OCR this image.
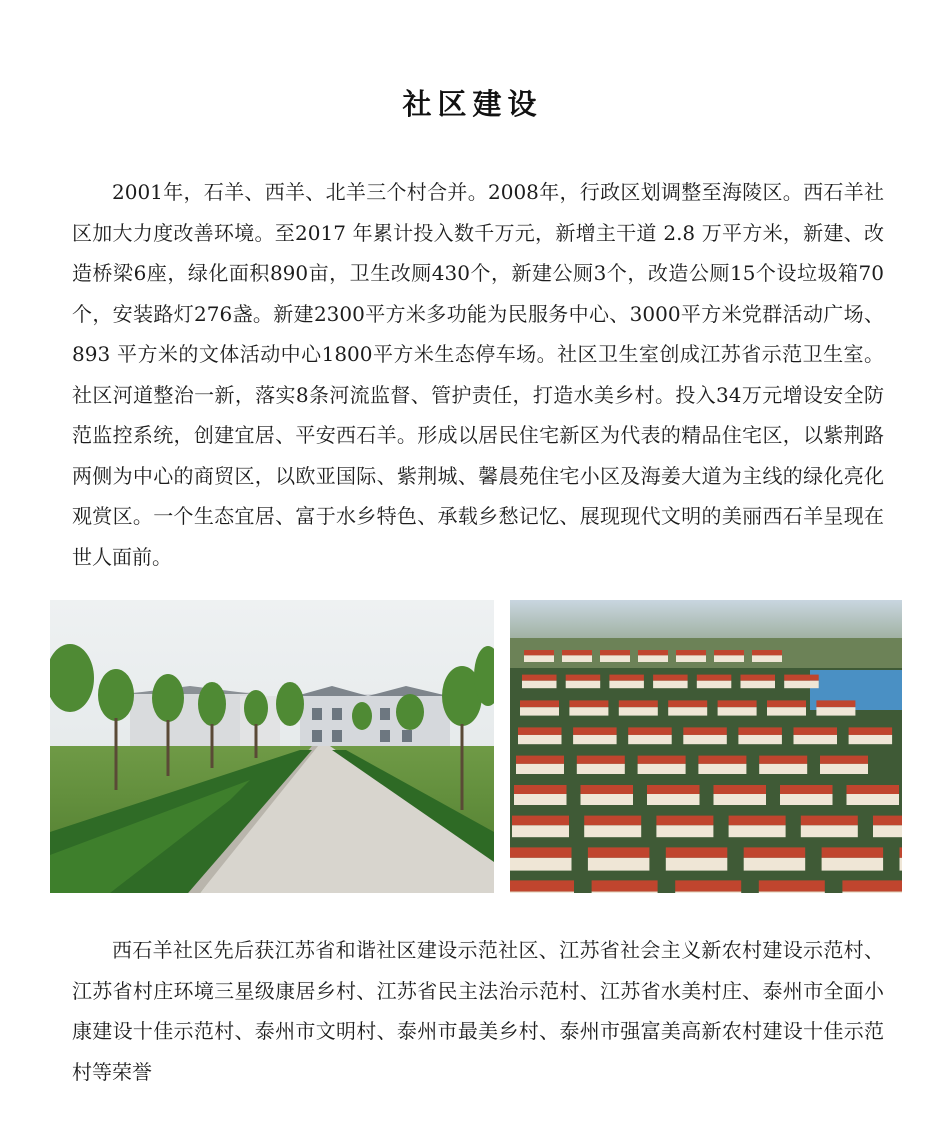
社区建设

2001年，石羊、西羊、北羊三个村合并。2008年，行政区划调整至海陵区。西石羊社区加大力度改善环境。至2017 年累计投入数千万元，新增主干道 2.8 万平方米，新建、改造桥梁6座，绿化面积890亩，卫生改厕430个，新建公厕3个，改造公厕15个设垃圾箱70个，安装路灯276盏。新建2300平方米多功能为民服务中心、3000平方米党群活动广场、893 平方米的文体活动中心1800平方米生态停车场。社区卫生室创成江苏省示范卫生室。社区河道整治一新，落实8条河流监督、管护责任，打造水美乡村。投入34万元增设安全防范监控系统，创建宜居、平安西石羊。形成以居民住宅新区为代表的精品住宅区，以紫荆路两侧为中心的商贸区，以欧亚国际、紫荆城、馨晨苑住宅小区及海姜大道为主线的绿化亮化观赏区。一个生态宜居、富于水乡特色、承载乡愁记忆、展现现代文明的美丽西石羊呈现在世人面前。

西石羊社区先后获江苏省和谐社区建设示范社区、江苏省社会主义新农村建设示范村、江苏省村庄环境三星级康居乡村、江苏省民主法治示范村、江苏省水美村庄、泰州市全面小康建设十佳示范村、泰州市文明村、泰州市最美乡村、泰州市强富美高新农村建设十佳示范村等荣誉
